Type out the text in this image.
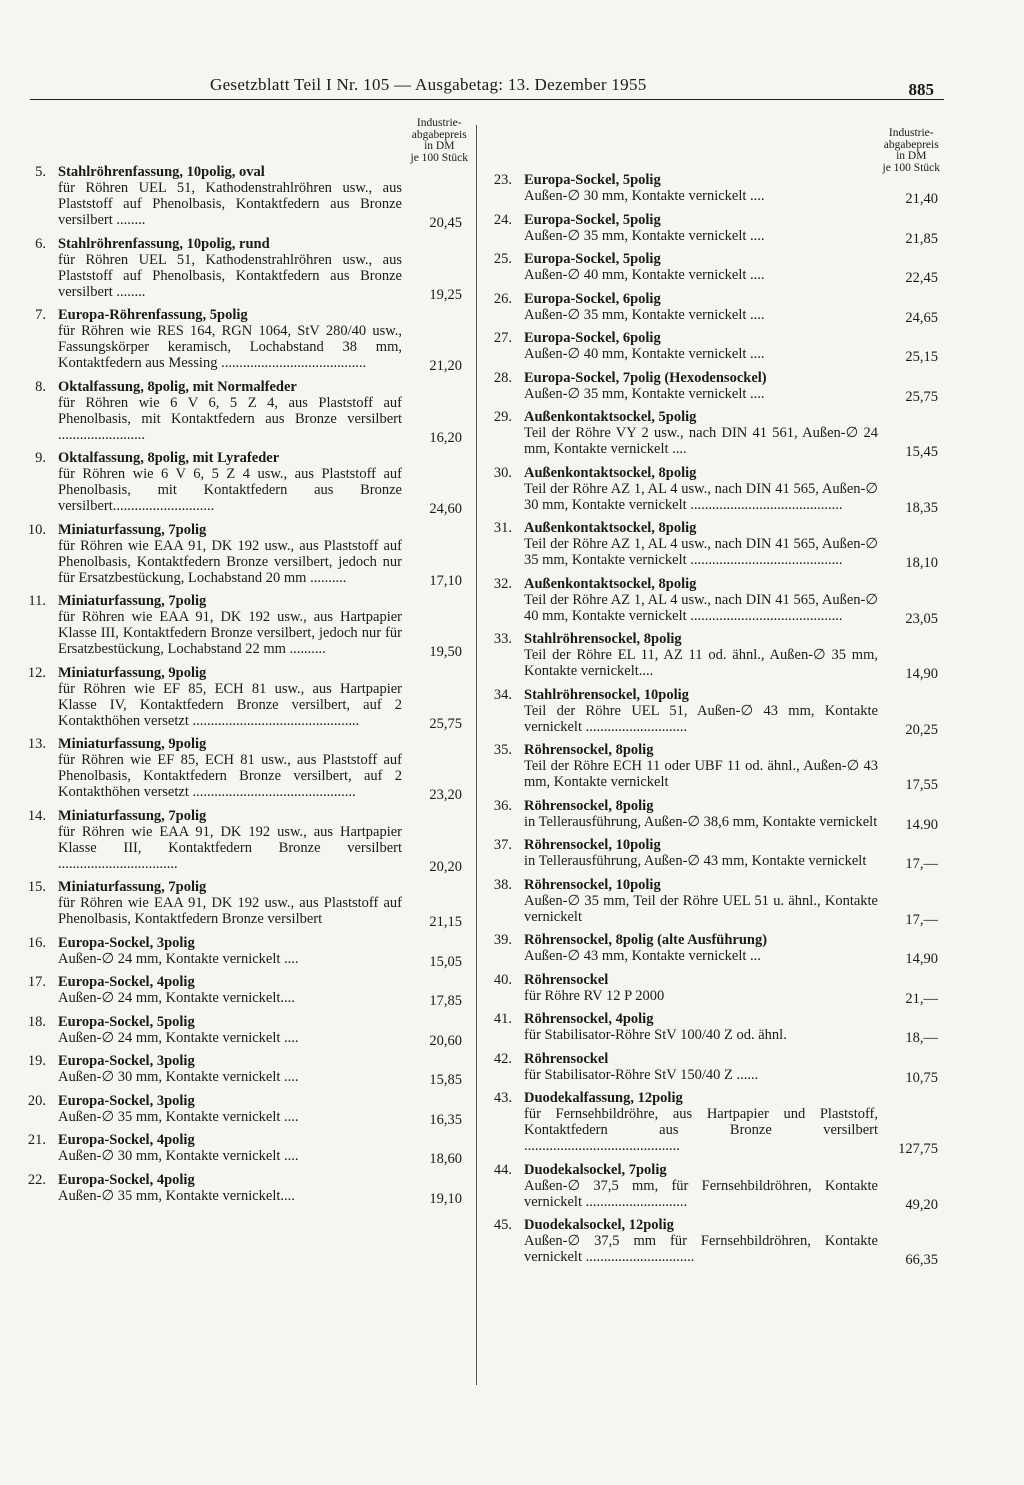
Gesetzblatt Teil I Nr. 105 — Ausgabetag: 13. Dezember 1955	885
Industrie-
abgabepreis
in DM
je 100 Stück
5. Stahlröhrenfassung, 10polig, oval
für Röhren UEL 51, Kathodenstrahlröhren usw., aus Plaststoff auf Phenolbasis, Kontaktfedern aus Bronze versilbert ........	20,45
6. Stahlröhrenfassung, 10polig, rund
für Röhren UEL 51, Kathodenstrahlröhren usw., aus Plaststoff auf Phenolbasis, Kontaktfedern aus Bronze versilbert ........	19,25
7. Europa-Röhrenfassung, 5polig
für Röhren wie RES 164, RGN 1064, StV 280/40 usw., Fassungskörper keramisch, Lochabstand 38 mm, Kontaktfedern aus Messing ........................................	21,20
8. Oktalfassung, 8polig, mit Normalfeder
für Röhren wie 6 V 6, 5 Z 4, aus Plaststoff auf Phenolbasis, mit Kontaktfedern aus Bronze versilbert ........................	16,20
9. Oktalfassung, 8polig, mit Lyrafeder
für Röhren wie 6 V 6, 5 Z 4 usw., aus Plaststoff auf Phenolbasis, mit Kontaktfedern aus Bronze versilbert............................	24,60
10. Miniaturfassung, 7polig
für Röhren wie EAA 91, DK 192 usw., aus Plaststoff auf Phenolbasis, Kontaktfedern Bronze versilbert, jedoch nur für Ersatzbestückung, Lochabstand 20 mm ..........	17,10
11. Miniaturfassung, 7polig
für Röhren wie EAA 91, DK 192 usw., aus Hartpapier Klasse III, Kontaktfedern Bronze versilbert, jedoch nur für Ersatzbestückung, Lochabstand 22 mm ..........	19,50
12. Miniaturfassung, 9polig
für Röhren wie EF 85, ECH 81 usw., aus Hartpapier Klasse IV, Kontaktfedern Bronze versilbert, auf 2 Kontakthöhen versetzt ..............................................	25,75
13. Miniaturfassung, 9polig
für Röhren wie EF 85, ECH 81 usw., aus Plaststoff auf Phenolbasis, Kontaktfedern Bronze versilbert, auf 2 Kontakthöhen versetzt .............................................	23,20
14. Miniaturfassung, 7polig
für Röhren wie EAA 91, DK 192 usw., aus Hartpapier Klasse III, Kontaktfedern Bronze versilbert .................................	20,20
15. Miniaturfassung, 7polig
für Röhren wie EAA 91, DK 192 usw., aus Plaststoff auf Phenolbasis, Kontaktfedern Bronze versilbert	21,15
16. Europa-Sockel, 3polig
Außen-∅ 24 mm, Kontakte vernickelt ....	15,05
17. Europa-Sockel, 4polig
Außen-∅ 24 mm, Kontakte vernickelt....	17,85
18. Europa-Sockel, 5polig
Außen-∅ 24 mm, Kontakte vernickelt ....	20,60
19. Europa-Sockel, 3polig
Außen-∅ 30 mm, Kontakte vernickelt ....	15,85
20. Europa-Sockel, 3polig
Außen-∅ 35 mm, Kontakte vernickelt ....	16,35
21. Europa-Sockel, 4polig
Außen-∅ 30 mm, Kontakte vernickelt ....	18,60
22. Europa-Sockel, 4polig
Außen-∅ 35 mm, Kontakte vernickelt....	19,10
Industrie-
abgabepreis
in DM
je 100 Stück
23. Europa-Sockel, 5polig
Außen-∅ 30 mm, Kontakte vernickelt ....	21,40
24. Europa-Sockel, 5polig
Außen-∅ 35 mm, Kontakte vernickelt ....	21,85
25. Europa-Sockel, 5polig
Außen-∅ 40 mm, Kontakte vernickelt ....	22,45
26. Europa-Sockel, 6polig
Außen-∅ 35 mm, Kontakte vernickelt ....	24,65
27. Europa-Sockel, 6polig
Außen-∅ 40 mm, Kontakte vernickelt ....	25,15
28. Europa-Sockel, 7polig (Hexodensockel)
Außen-∅ 35 mm, Kontakte vernickelt ....	25,75
29. Außenkontaktsockel, 5polig
Teil der Röhre VY 2 usw., nach DIN 41 561, Außen-∅ 24 mm, Kontakte vernickelt ....	15,45
30. Außenkontaktsockel, 8polig
Teil der Röhre AZ 1, AL 4 usw., nach DIN 41 565, Außen-∅ 30 mm, Kontakte vernickelt ..........................................	18,35
31. Außenkontaktsockel, 8polig
Teil der Röhre AZ 1, AL 4 usw., nach DIN 41 565, Außen-∅ 35 mm, Kontakte vernickelt ..........................................	18,10
32. Außenkontaktsockel, 8polig
Teil der Röhre AZ 1, AL 4 usw., nach DIN 41 565, Außen-∅ 40 mm, Kontakte vernickelt ..........................................	23,05
33. Stahlröhrensockel, 8polig
Teil der Röhre EL 11, AZ 11 od. ähnl., Außen-∅ 35 mm, Kontakte vernickelt....	14,90
34. Stahlröhrensockel, 10polig
Teil der Röhre UEL 51, Außen-∅ 43 mm, Kontakte vernickelt ............................	20,25
35. Röhrensockel, 8polig
Teil der Röhre ECH 11 oder UBF 11 od. ähnl., Außen-∅ 43 mm, Kontakte vernickelt	17,55
36. Röhrensockel, 8polig
in Tellerausführung, Außen-∅ 38,6 mm, Kontakte vernickelt 14.90
37. Röhrensockel, 10polig
in Tellerausführung, Außen-∅ 43 mm, Kontakte vernickelt	17,—
38. Röhrensockel, 10polig
Außen-∅ 35 mm, Teil der Röhre UEL 51 u. ähnl., Kontakte vernickelt	17,—
39. Röhrensockel, 8polig (alte Ausführung)
Außen-∅ 43 mm, Kontakte vernickelt ...	14,90
40. Röhrensockel
für Röhre RV 12 P 2000	21,—
41. Röhrensockel, 4polig
für Stabilisator-Röhre StV 100/40 Z od. ähnl.	18,—
42. Röhrensockel
für Stabilisator-Röhre StV 150/40 Z ......	10,75
43. Duodekalfassung, 12polig
für Fernsehbildröhre, aus Hartpapier und Plaststoff, Kontaktfedern aus Bronze versilbert ...........................................	127,75
44. Duodekalsockel, 7polig
Außen-∅ 37,5 mm, für Fernsehbildröhren, Kontakte vernickelt ............................	49,20
45. Duodekalsockel, 12polig
Außen-∅ 37,5 mm für Fernsehbildröhren, Kontakte vernickelt ..............................	66,35
